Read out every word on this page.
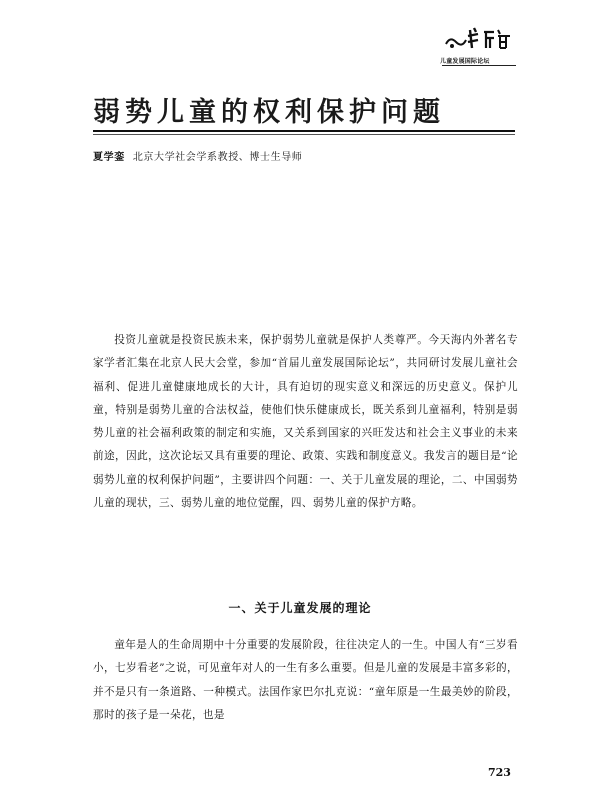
儿童发展国际论坛
弱势儿童的权利保护问题
夏学銮 北京大学社会学系教授、博士生导师

投资儿童就是投资民族未来，保护弱势儿童就是保护人类尊严。今天海内外著名专家学者汇集在北京人民大会堂，参加“首届儿童发展国际论坛”，共同研讨发展儿童社会福利、促进儿童健康地成长的大计，具有迫切的现实意义和深远的历史意义。保护儿童，特别是弱势儿童的合法权益，使他们快乐健康成长，既关系到儿童福利，特别是弱势儿童的社会福利政策的制定和实施，又关系到国家的兴旺发达和社会主义事业的未来前途，因此，这次论坛又具有重要的理论、政策、实践和制度意义。我发言的题目是“论弱势儿童的权利保护问题”，主要讲四个问题：一、关于儿童发展的理论，二、中国弱势儿童的现状，三、弱势儿童的地位觉醒，四、弱势儿童的保护方略。

一、关于儿童发展的理论

童年是人的生命周期中十分重要的发展阶段，往往决定人的一生。中国人有“三岁看小，七岁看老”之说，可见童年对人的一生有多么重要。但是儿童的发展是丰富多彩的，并不是只有一条道路、一种模式。法国作家巴尔扎克说：“童年原是一生最美妙的阶段，那时的孩子是一朵花，也是

723
